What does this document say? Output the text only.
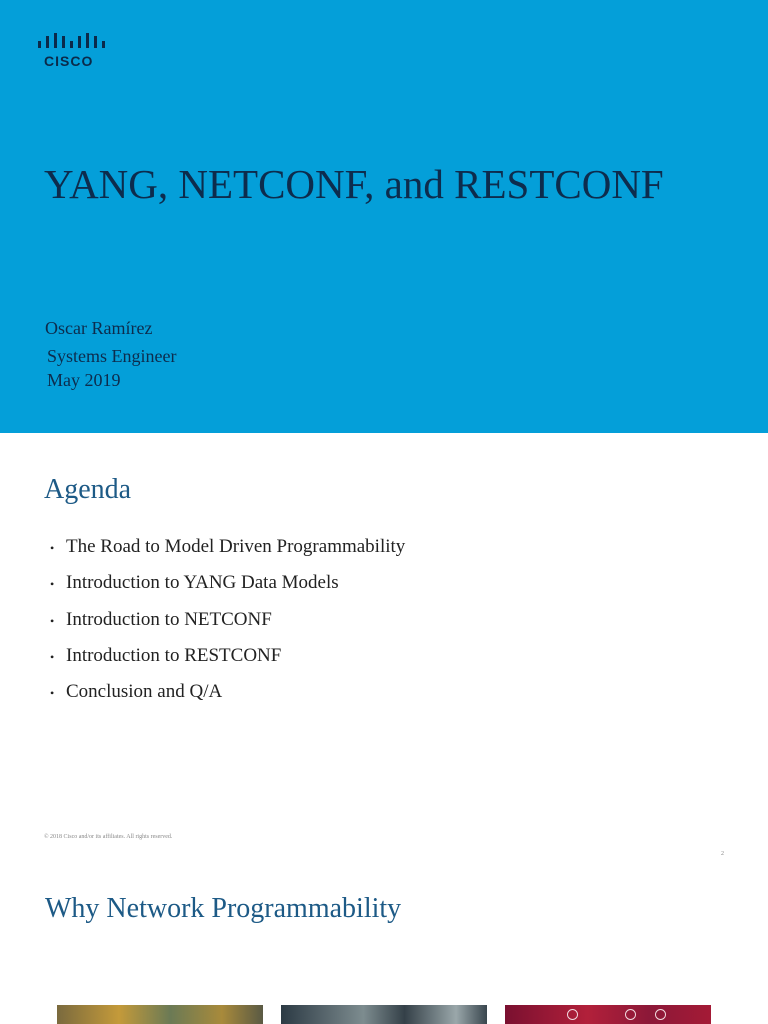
CISCO
YANG, NETCONF, and RESTCONF
Oscar Ramírez
Systems Engineer
May 2019
Agenda
• The Road to Model Driven Programmability
• Introduction to YANG Data Models
• Introduction to NETCONF
• Introduction to RESTCONF
• Conclusion and Q/A
© 2018 Cisco and/or its affiliates. All rights reserved.
2
Why Network Programmability
